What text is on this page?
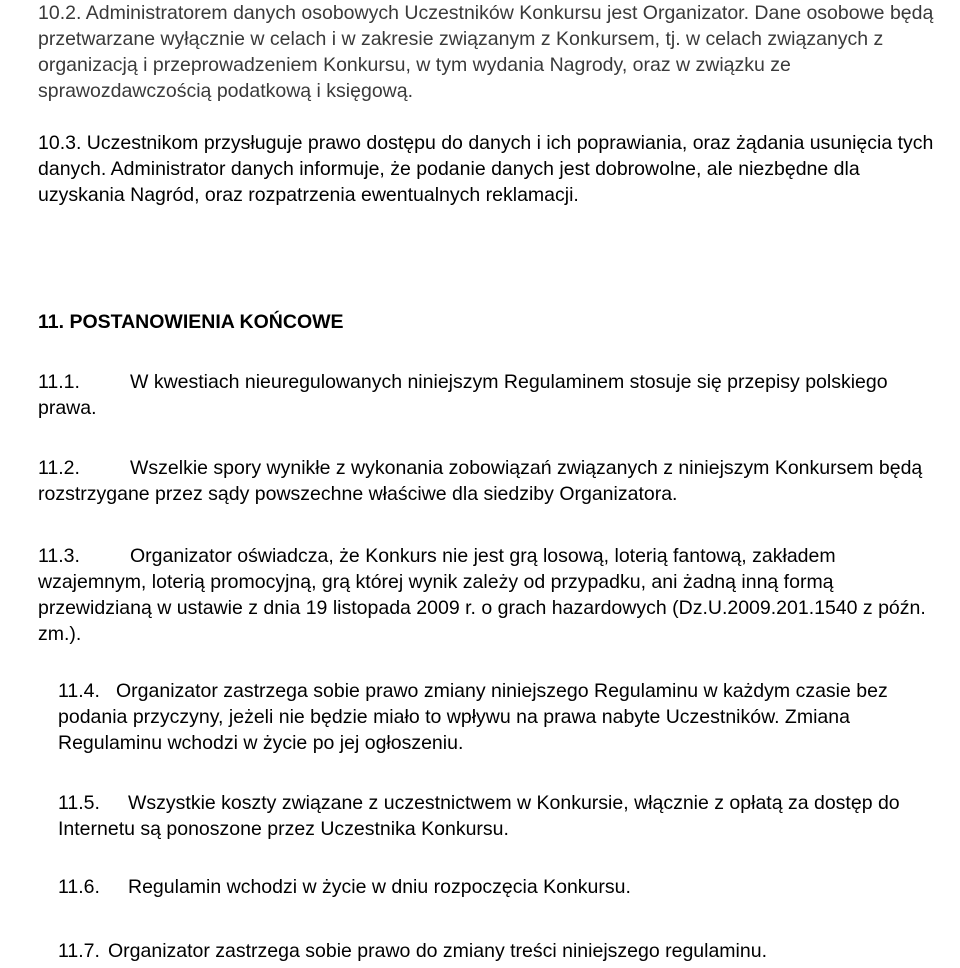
10.2. Administratorem danych osobowych Uczestników Konkursu jest Organizator. Dane osobowe będą przetwarzane wyłącznie w celach i w zakresie związanym z Konkursem, tj. w celach związanych z organizacją i przeprowadzeniem Konkursu, w tym wydania Nagrody, oraz w związku ze sprawozdawczością podatkową i księgową.

10.3. Uczestnikom przysługuje prawo dostępu do danych i ich poprawiania, oraz żądania usunięcia tych danych. Administrator danych informuje, że podanie danych jest dobrowolne, ale niezbędne dla uzyskania Nagród, oraz rozpatrzenia ewentualnych reklamacji.

11. POSTANOWIENIA KOŃCOWE

11.1.	W kwestiach nieuregulowanych niniejszym Regulaminem stosuje się przepisy polskiego prawa.

11.2.	Wszelkie spory wynikłe z wykonania zobowiązań związanych z niniejszym Konkursem będą rozstrzygane przez sądy powszechne właściwe dla siedziby Organizatora.

11.3.	Organizator oświadcza, że Konkurs nie jest grą losową, loterią fantową, zakładem wzajemnym, loterią promocyjną, grą której wynik zależy od przypadku, ani żadną inną formą przewidzianą w ustawie z dnia 19 listopada 2009 r. o grach hazardowych (Dz.U.2009.201.1540 z późn. zm.).

11.4. Organizator zastrzega sobie prawo zmiany niniejszego Regulaminu w każdym czasie bez podania przyczyny, jeżeli nie będzie miało to wpływu na prawa nabyte Uczestników. Zmiana Regulaminu wchodzi w życie po jej ogłoszeniu.

11.5. Wszystkie koszty związane z uczestnictwem w Konkursie, włącznie z opłatą za dostęp do Internetu są ponoszone przez Uczestnika Konkursu.

11.6. Regulamin wchodzi w życie w dniu rozpoczęcia Konkursu.

11.7. Organizator zastrzega sobie prawo do zmiany treści niniejszego regulaminu.
